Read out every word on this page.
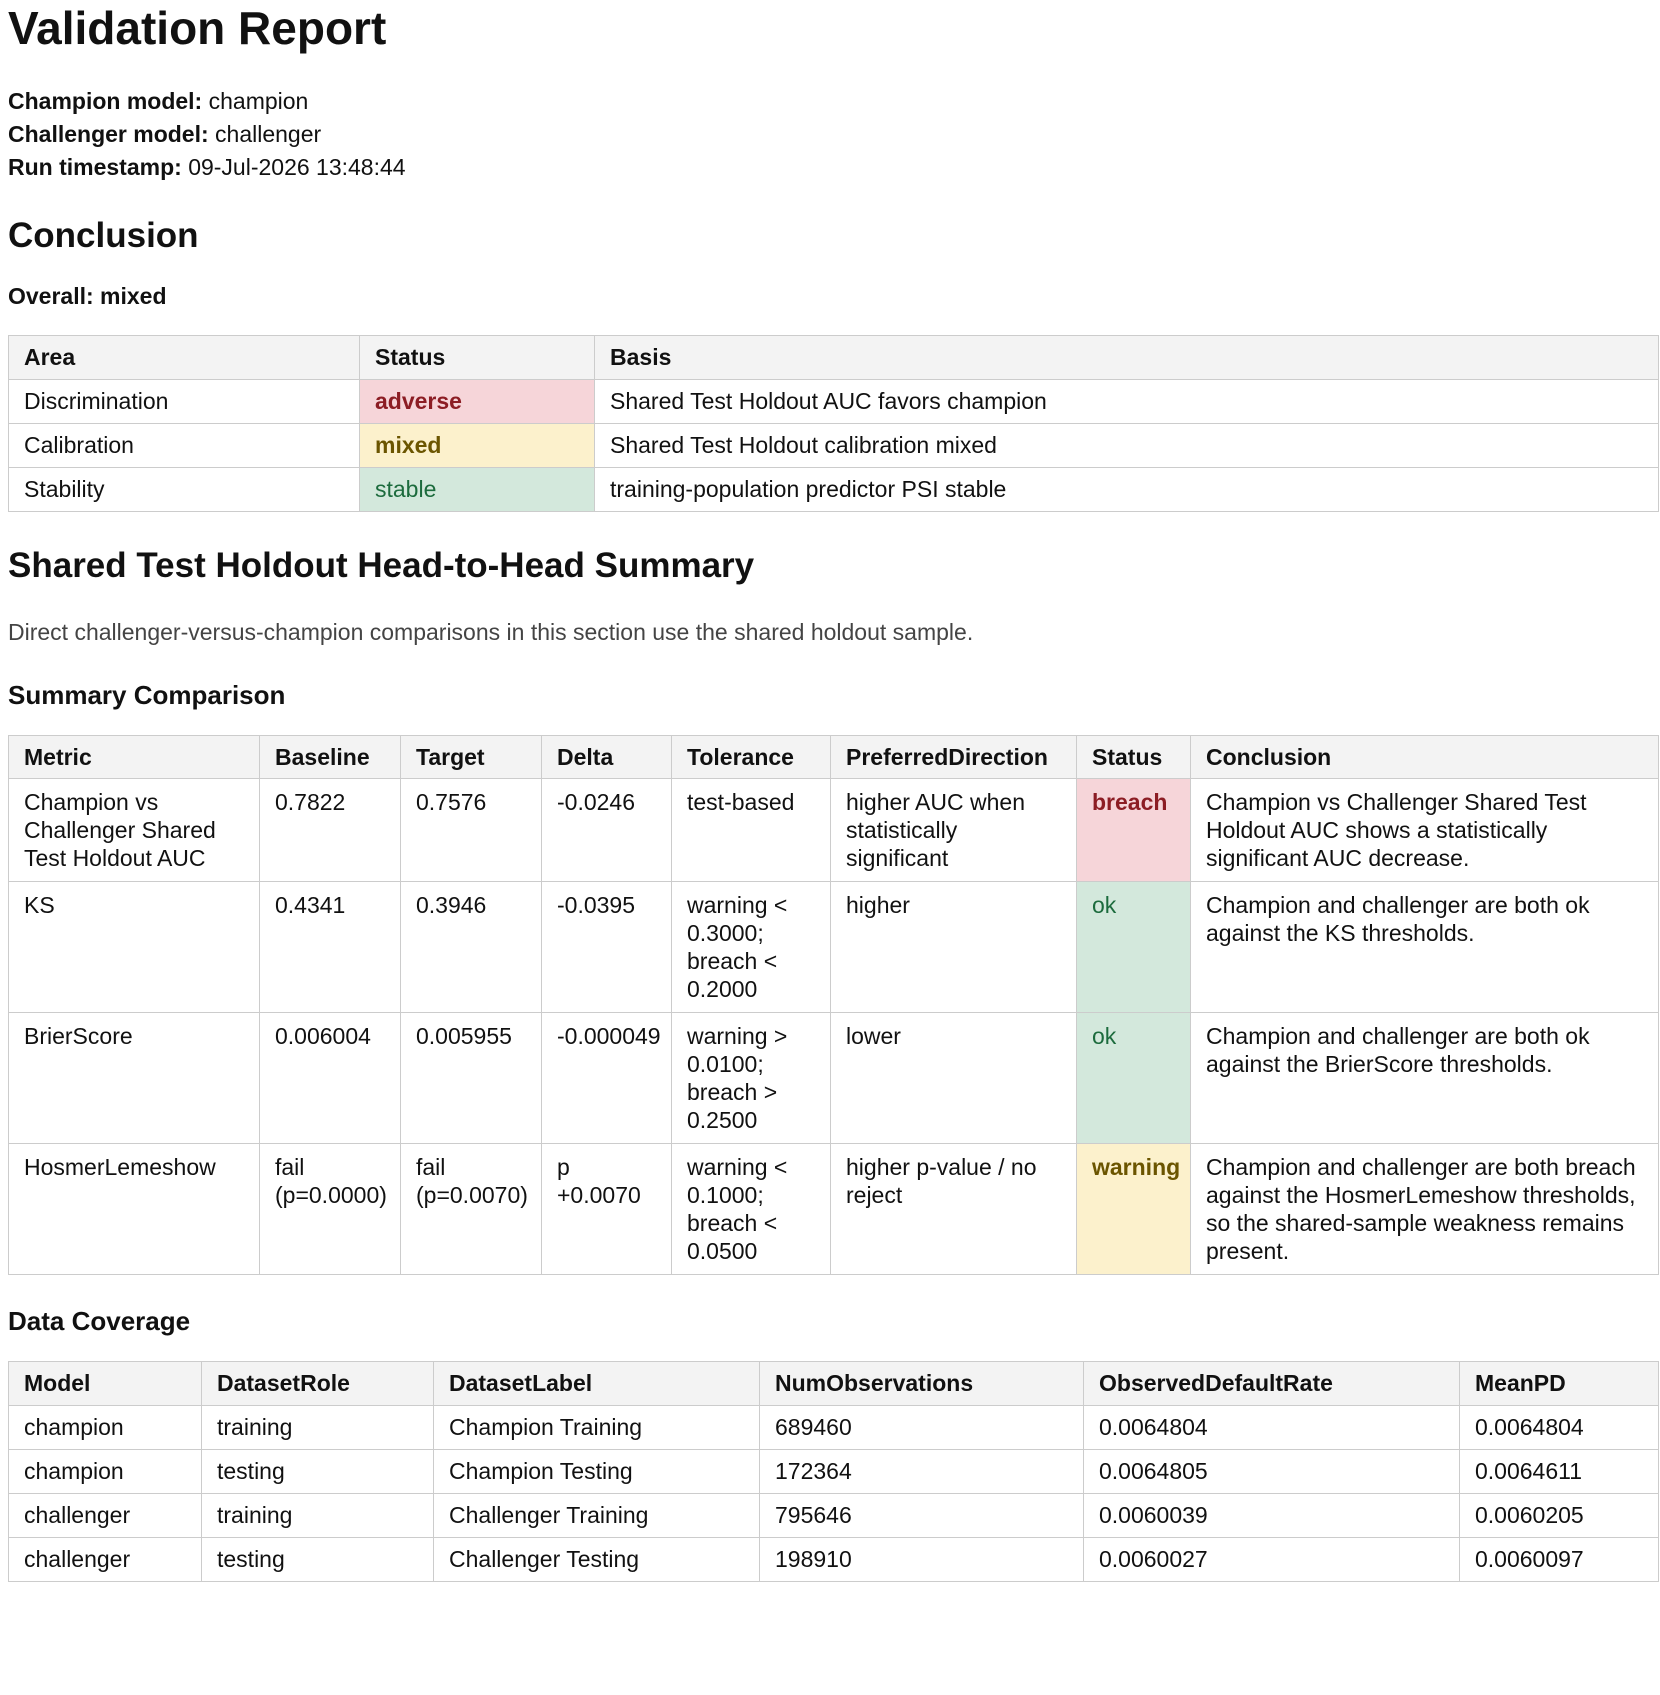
Validation Report
Champion model: champion
Challenger model: challenger
Run timestamp: 09-Jul-2026 13:48:44
Conclusion
Overall: mixed
Area	Status	Basis
Discrimination	adverse	Shared Test Holdout AUC favors champion
Calibration	mixed	Shared Test Holdout calibration mixed
Stability	stable	training-population predictor PSI stable
Shared Test Holdout Head-to-Head Summary
Direct challenger-versus-champion comparisons in this section use the shared holdout sample.
Summary Comparison
Metric	Baseline	Target	Delta	Tolerance	PreferredDirection	Status	Conclusion
Champion vs Challenger Shared Test Holdout AUC	0.7822	0.7576	-0.0246	test-based	higher AUC when statistically significant	breach	Champion vs Challenger Shared Test Holdout AUC shows a statistically significant AUC decrease.
KS	0.4341	0.3946	-0.0395	warning < 0.3000; breach < 0.2000	higher	ok	Champion and challenger are both ok against the KS thresholds.
BrierScore	0.006004	0.005955	-0.000049	warning > 0.0100; breach > 0.2500	lower	ok	Champion and challenger are both ok against the BrierScore thresholds.
HosmerLemeshow	fail (p=0.0000)	fail (p=0.0070)	p +0.0070	warning < 0.1000; breach < 0.0500	higher p-value / no reject	warning	Champion and challenger are both breach against the HosmerLemeshow thresholds, so the shared-sample weakness remains present.
Data Coverage
Model	DatasetRole	DatasetLabel	NumObservations	ObservedDefaultRate	MeanPD
champion	training	Champion Training	689460	0.0064804	0.0064804
champion	testing	Champion Testing	172364	0.0064805	0.0064611
challenger	training	Challenger Training	795646	0.0060039	0.0060205
challenger	testing	Challenger Testing	198910	0.0060027	0.0060097
